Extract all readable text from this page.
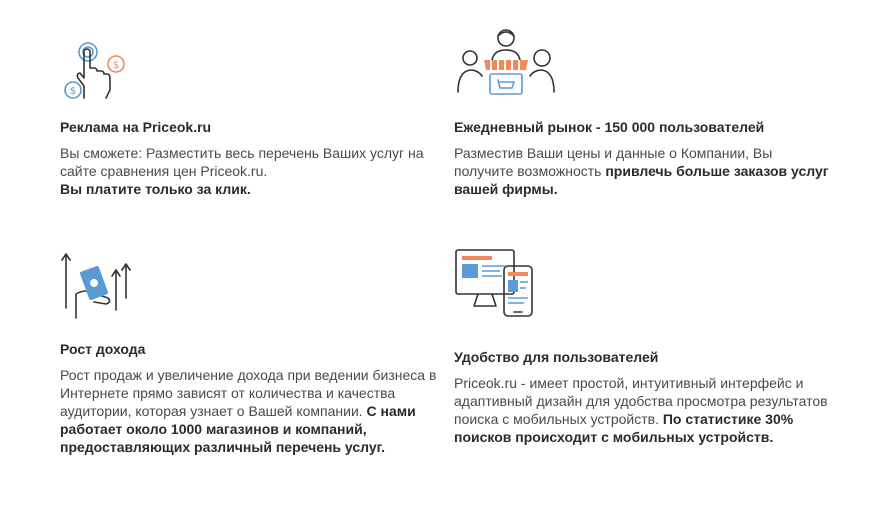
$
$
Реклама на Priceok.ru

Вы сможете: Разместить весь перечень Ваших услуг на сайте сравнения цен Priceok.ru.
Вы платите только за клик.

Ежедневный рынок - 150 000 пользователей

Разместив Ваши цены и данные о Компании, Вы получите возможность привлечь больше заказов услуг вашей фирмы.

Рост дохода

Рост продаж и увеличение дохода при ведении бизнеса в Интернете прямо зависят от количества и качества аудитории, которая узнает о Вашей компании. С нами работает около 1000 магазинов и компаний, предоставляющих различный перечень услуг.

Удобство для пользователей

Priceok.ru - имеет простой, интуитивный интерфейс и адаптивный дизайн для удобства просмотра результатов поиска с мобильных устройств. По статистике 30% поисков происходит с мобильных устройств.
